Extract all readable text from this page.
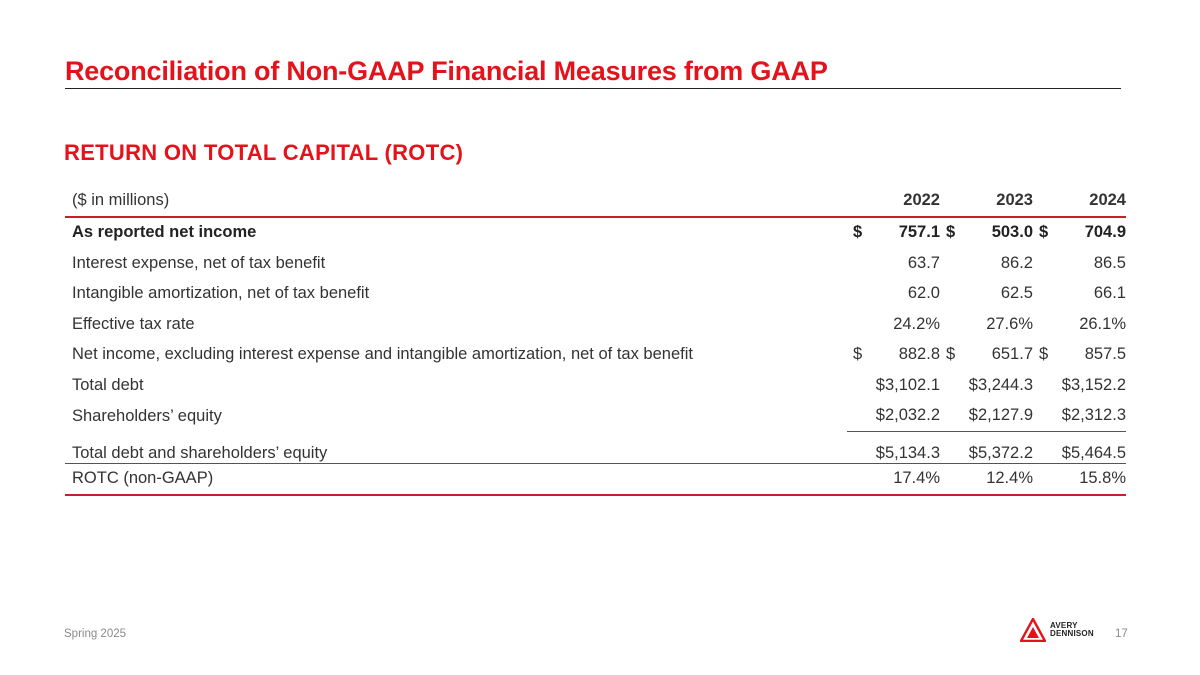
Reconciliation of Non-GAAP Financial Measures from GAAP
RETURN ON TOTAL CAPITAL (ROTC)
($ in millions)	2022	2023	2024
As reported net income	$ 757.1	$ 503.0	$ 704.9

Interest expense, net of tax benefit	63.7	86.2	86.5

Intangible amortization, net of tax benefit	62.0	62.5	66.1

Effective tax rate	24.2%	27.6%	26.1%

Net income, excluding interest expense and intangible amortization, net of tax benefit	$ 882.8	$ 651.7	$ 857.5

Total debt	$3,102.1	$3,244.3	$3,152.2

Shareholders’ equity	$2,032.2	$2,127.9	$2,312.3

Total debt and shareholders’ equity	$5,134.3	$5,372.2	$5,464.5

ROTC (non-GAAP)	17.4%	12.4%	15.8%
Spring 2025
AVERY
DENNISON 17
